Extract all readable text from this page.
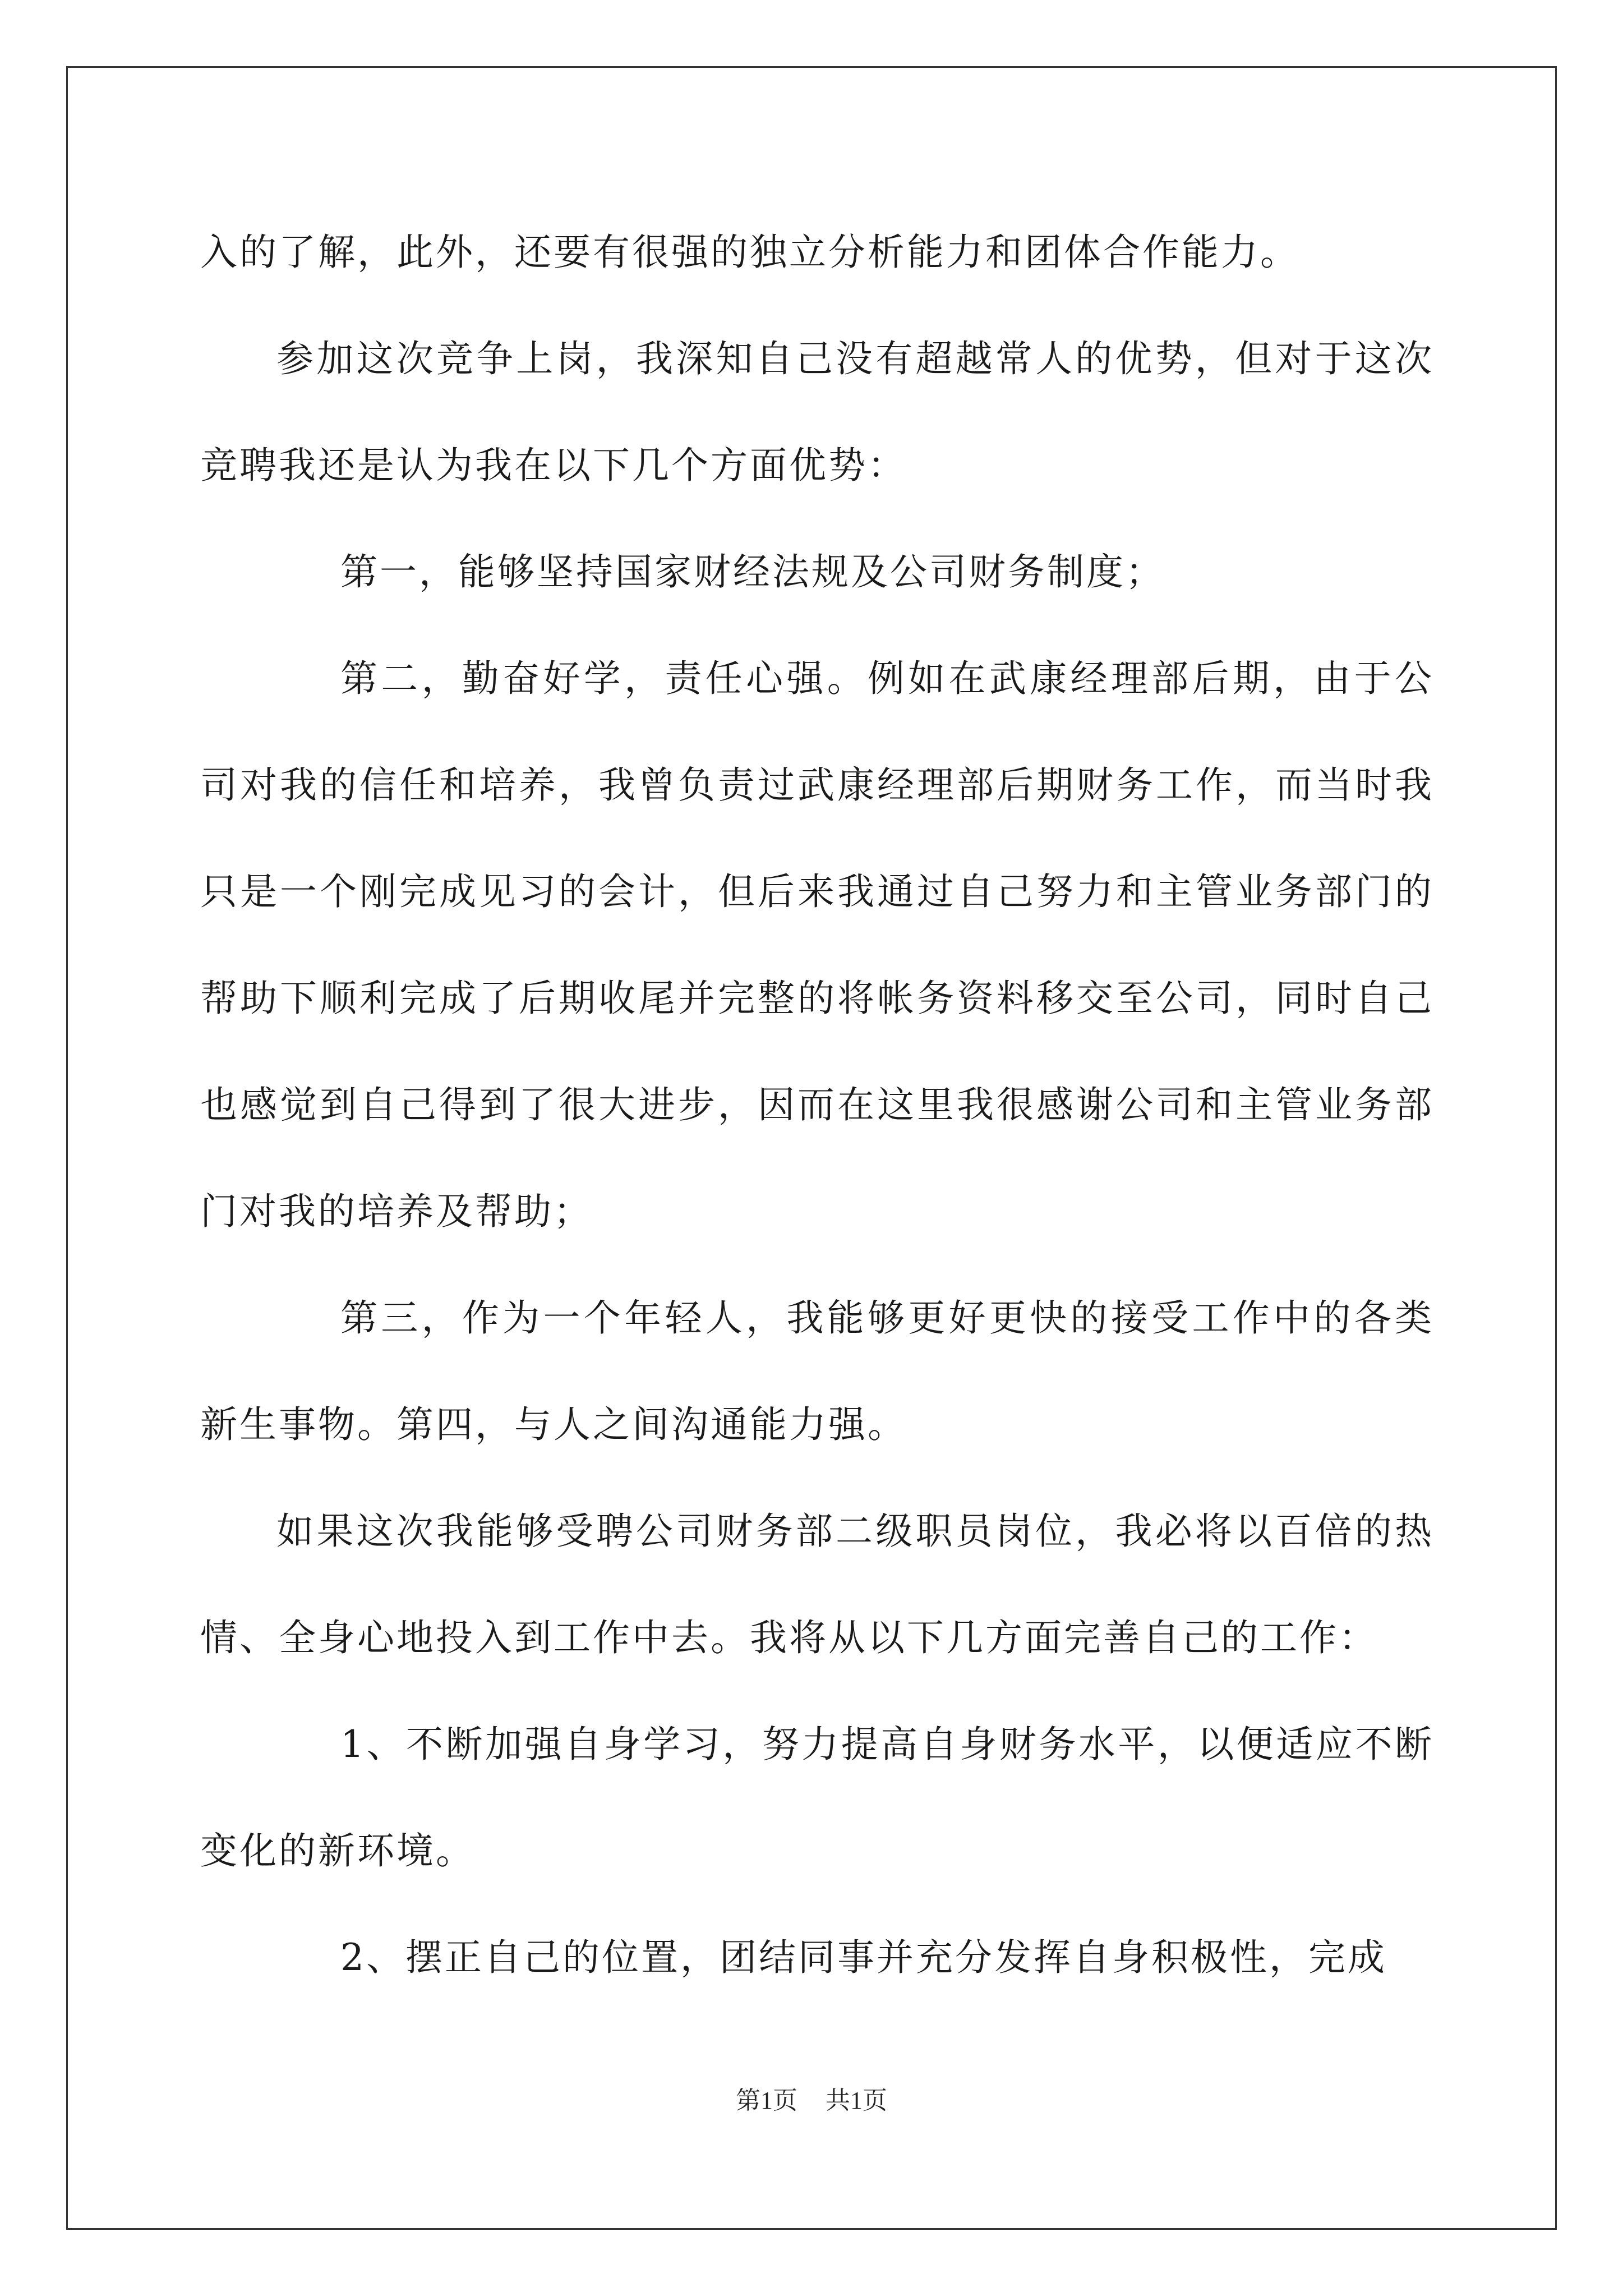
入的了解，此外，还要有很强的独立分析能力和团体合作能力。

参加这次竞争上岗，我深知自己没有超越常人的优势，但对于这次竞聘我还是认为我在以下几个方面优势：

第一，能够坚持国家财经法规及公司财务制度；

第二，勤奋好学，责任心强。例如在武康经理部后期，由于公司对我的信任和培养，我曾负责过武康经理部后期财务工作，而当时我只是一个刚完成见习的会计，但后来我通过自己努力和主管业务部门的帮助下顺利完成了后期收尾并完整的将帐务资料移交至公司，同时自己也感觉到自己得到了很大进步，因而在这里我很感谢公司和主管业务部门对我的培养及帮助；

第三，作为一个年轻人，我能够更好更快的接受工作中的各类新生事物。第四，与人之间沟通能力强。

如果这次我能够受聘公司财务部二级职员岗位，我必将以百倍的热情、全身心地投入到工作中去。我将从以下几方面完善自己的工作：

1、不断加强自身学习，努力提高自身财务水平，以便适应不断变化的新环境。

2、摆正自己的位置，团结同事并充分发挥自身积极性，完成

第1页 共1页
